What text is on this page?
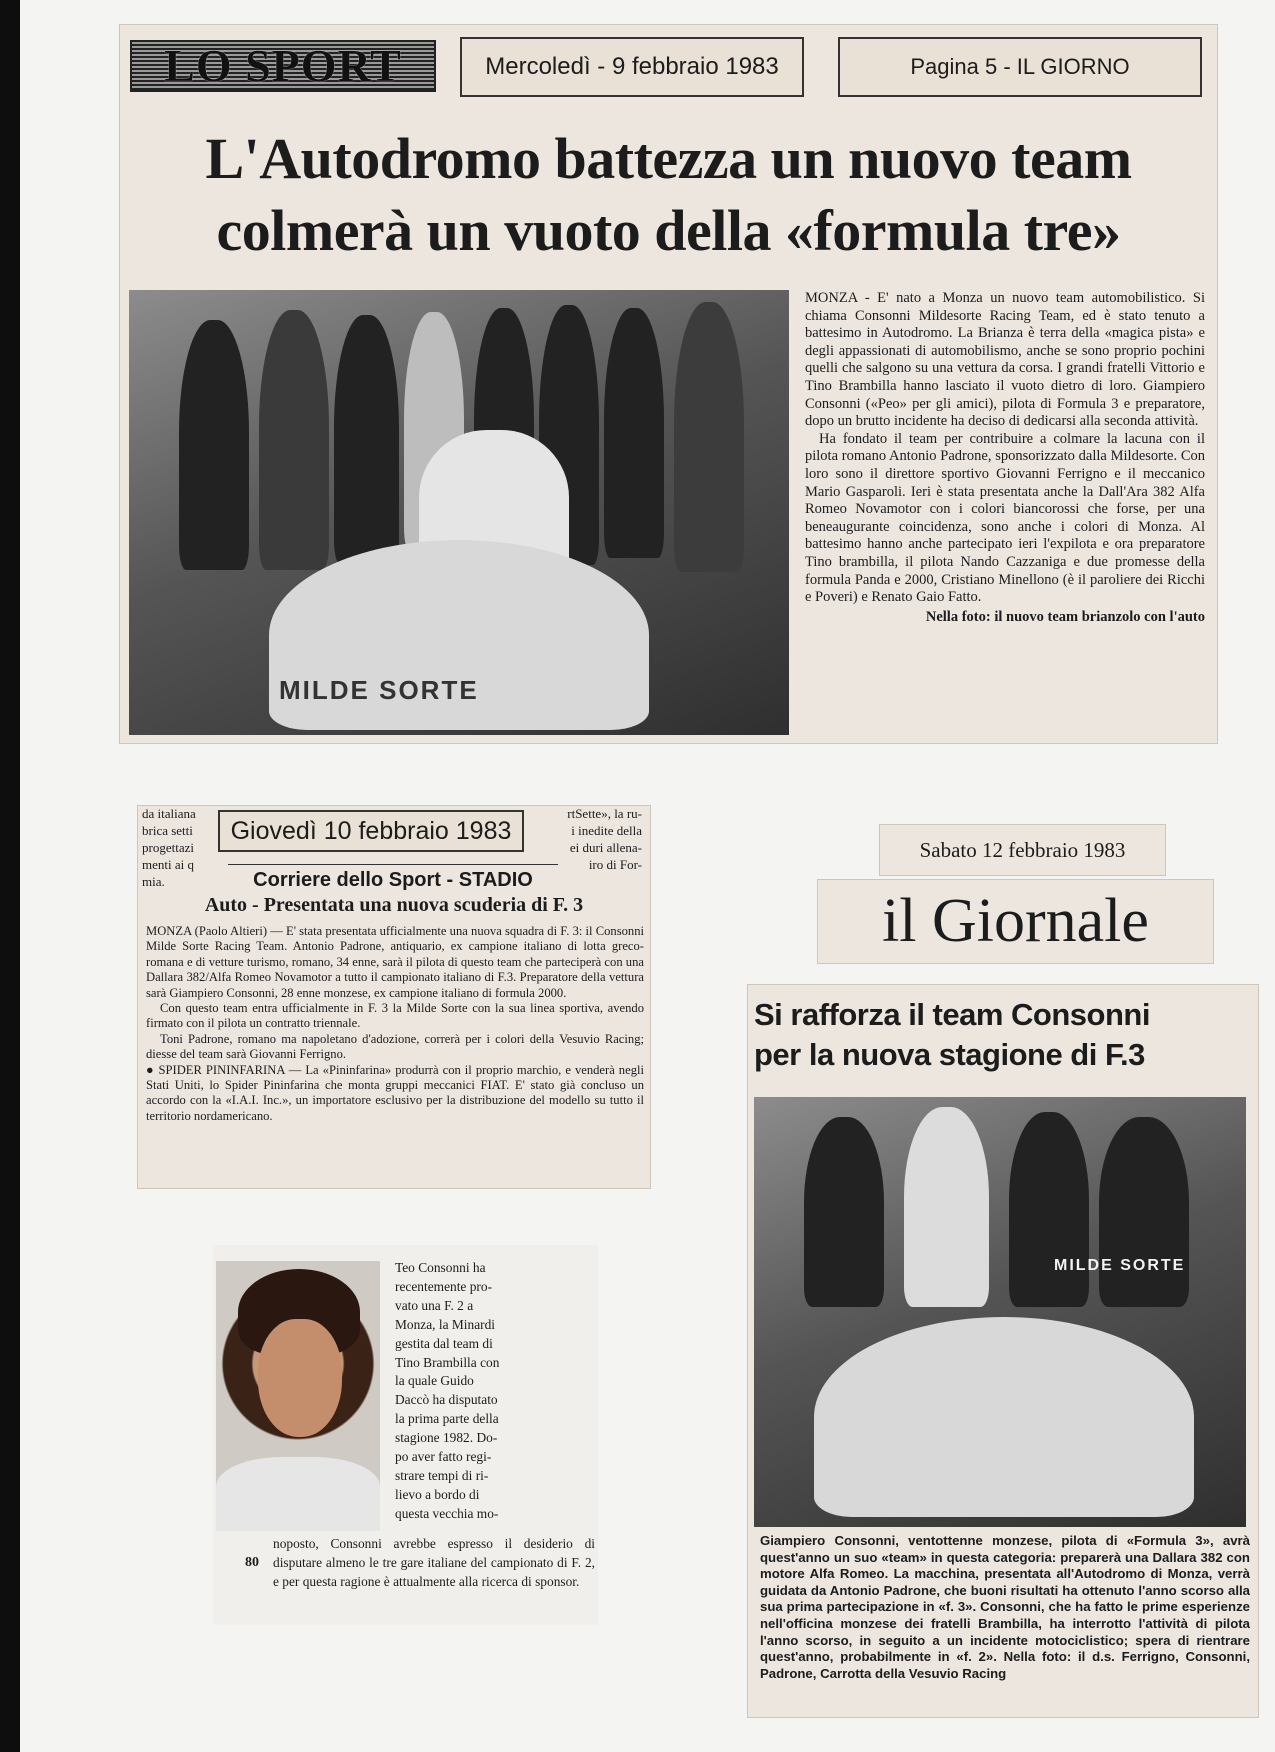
LO SPORT	Mercoledì - 9 febbraio 1983	Pagina 5 - IL GIORNO
L'Autodromo battezza un nuovo team
colmerà un vuoto della «formula tre»
MILDE SORTE

MONZA - E' nato a Monza un nuovo team automobilistico. Si chiama Consonni Mildesorte Racing Team, ed è stato tenuto a battesimo in Autodromo. La Brianza è terra della «magica pista» e degli appassionati di automobilismo, anche se sono proprio pochini quelli che salgono su una vettura da corsa. I grandi fratelli Vittorio e Tino Brambilla hanno lasciato il vuoto dietro di loro. Giampiero Consonni («Peo» per gli amici), pilota di Formula 3 e preparatore, dopo un brutto incidente ha deciso di dedicarsi alla seconda attività.

Ha fondato il team per contribuire a colmare la lacuna con il pilota romano Antonio Padrone, sponsorizzato dalla Mildesorte. Con loro sono il direttore sportivo Giovanni Ferrigno e il meccanico Mario Gasparoli. Ieri è stata presentata anche la Dall'Ara 382 Alfa Romeo Novamotor con i colori biancorossi che forse, per una beneaugurante coincidenza, sono anche i colori di Monza. Al battesimo hanno anche partecipato ieri l'expilota e ora preparatore Tino brambilla, il pilota Nando Cazzaniga e due promesse della formula Panda e 2000, Cristiano Minellono (è il paroliere dei Ricchi e Poveri) e Renato Gaio Fatto.

Nella foto: il nuovo team brianzolo con l'auto
da italiana
brica setti
progettazi
menti ai q
mia.
rtSette», la ru-
i inedite della
ei duri allena-
iro di For-
Giovedì 10 febbraio 1983
Corriere dello Sport - STADIO
Auto - Presentata una nuova scuderia di F. 3

MONZA (Paolo Altieri) — E' stata presentata ufficialmente una nuova squadra di F. 3: il Consonni Milde Sorte Racing Team. Antonio Padrone, antiquario, ex campione italiano di lotta greco-romana e di vetture turismo, romano, 34 enne, sarà il pilota di questo team che parteciperà con una Dallara 382/Alfa Romeo Novamotor a tutto il campionato italiano di F.3. Preparatore della vettura sarà Giampiero Consonni, 28 enne monzese, ex campione italiano di formula 2000.

Con questo team entra ufficialmente in F. 3 la Milde Sorte con la sua linea sportiva, avendo firmato con il pilota un contratto triennale.

Toni Padrone, romano ma napoletano d'adozione, correrà per i colori della Vesuvio Racing; diesse del team sarà Giovanni Ferrigno.

● SPIDER PININFARINA — La «Pininfarina» produrrà con il proprio marchio, e venderà negli Stati Uniti, lo Spider Pininfarina che monta gruppi meccanici FIAT. E' stato già concluso un accordo con la «I.A.I. Inc.», un importatore esclusivo per la distribuzione del modello su tutto il territorio nordamericano.

Teo Consonni ha
recentemente pro-
vato una F. 2 a
Monza, la Minardi
gestita dal team di
Tino Brambilla con
la quale Guido
Daccò ha disputato
la prima parte della
stagione 1982. Do-
po aver fatto regi-
strare tempi di ri-
lievo a bordo di
questa vecchia mo-
80
noposto, Consonni avrebbe espresso il desiderio di disputare almeno le tre gare italiane del campionato di F. 2, e per questa ragione è attualmente alla ricerca di sponsor.
Sabato 12 febbraio 1983
il Giornale
Si rafforza il team Consonni
per la nuova stagione di F.3
MILDE SORTE
Giampiero Consonni, ventottenne monzese, pilota di «Formula 3», avrà quest'anno un suo «team» in questa categoria: preparerà una Dallara 382 con motore Alfa Romeo. La macchina, presentata all'Autodromo di Monza, verrà guidata da Antonio Padrone, che buoni risultati ha ottenuto l'anno scorso alla sua prima partecipazione in «f. 3». Consonni, che ha fatto le prime esperienze nell'officina monzese dei fratelli Brambilla, ha interrotto l'attività di pilota l'anno scorso, in seguito a un incidente motociclistico; spera di rientrare quest'anno, probabilmente in «f. 2». Nella foto: il d.s. Ferrigno, Consonni, Padrone, Carrotta della Vesuvio Racing
